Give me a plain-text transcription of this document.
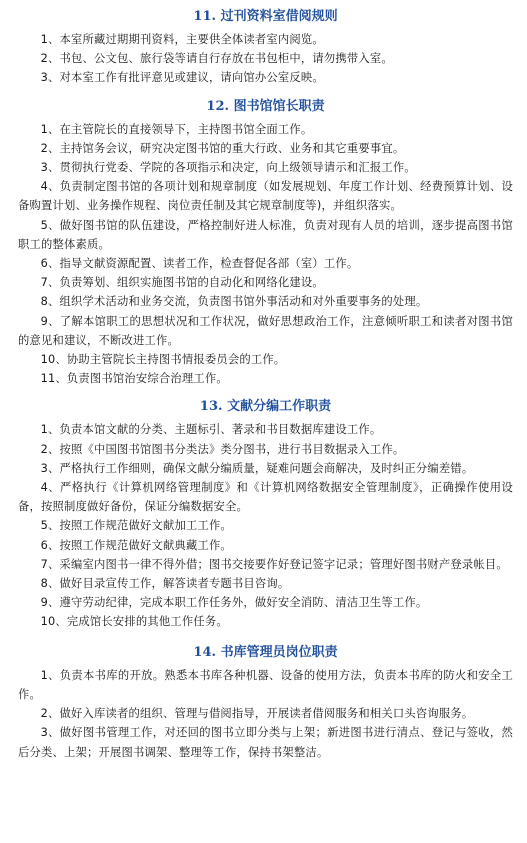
11. 过刊资料室借阅规则

1、本室所藏过期期刊资料，主要供全体读者室内阅览。

2、书包、公文包、旅行袋等请自行存放在书包柜中，请勿携带入室。

3、对本室工作有批评意见或建议，请向馆办公室反映。

12. 图书馆馆长职责

1、在主管院长的直接领导下，主持图书馆全面工作。

2、主持馆务会议，研究决定图书馆的重大行政、业务和其它重要事宜。

3、贯彻执行党委、学院的各项指示和决定，向上级领导请示和汇报工作。

4、负责制定图书馆的各项计划和规章制度（如发展规划、年度工作计划、经费预算计划、设备购置计划、业务操作规程、岗位责任制及其它规章制度等)，并组织落实。

5、做好图书馆的队伍建设，严格控制好进人标准，负责对现有人员的培训，逐步提高图书馆职工的整体素质。

6、指导文献资源配置、读者工作，检查督促各部（室）工作。

7、负责筹划、组织实施图书馆的自动化和网络化建设。

8、组织学术活动和业务交流，负责图书馆外事活动和对外重要事务的处理。

9、了解本馆职工的思想状况和工作状况，做好思想政治工作，注意倾听职工和读者对图书馆的意见和建议，不断改进工作。

10、协助主管院长主持图书情报委员会的工作。

11、负责图书馆治安综合治理工作。

13. 文献分编工作职责

1、负责本馆文献的分类、主题标引、著录和书目数据库建设工作。

2、按照《中国图书馆图书分类法》类分图书，进行书目数据录入工作。

3、严格执行工作细则，确保文献分编质量，疑难问题会商解决，及时纠正分编差错。

4、严格执行《计算机网络管理制度》和《计算机网络数据安全管理制度》，正确操作使用设备，按照制度做好备份，保证分编数据安全。

5、按照工作规范做好文献加工工作。

6、按照工作规范做好文献典藏工作。

7、采编室内图书一律不得外借；图书交接要作好登记签字记录；管理好图书财产登录帐目。

8、做好目录宣传工作，解答读者专题书目咨询。

9、遵守劳动纪律，完成本职工作任务外，做好安全消防、清洁卫生等工作。

10、完成馆长安排的其他工作任务。

14. 书库管理员岗位职责

1、负责本书库的开放。熟悉本书库各种机器、设备的使用方法，负责本书库的防火和安全工作。

2、做好入库读者的组织、管理与借阅指导，开展读者借阅服务和相关口头咨询服务。

3、做好图书管理工作，对还回的图书立即分类与上架；新进图书进行清点、登记与签收，然后分类、上架；开展图书调架、整理等工作，保持书架整洁。
